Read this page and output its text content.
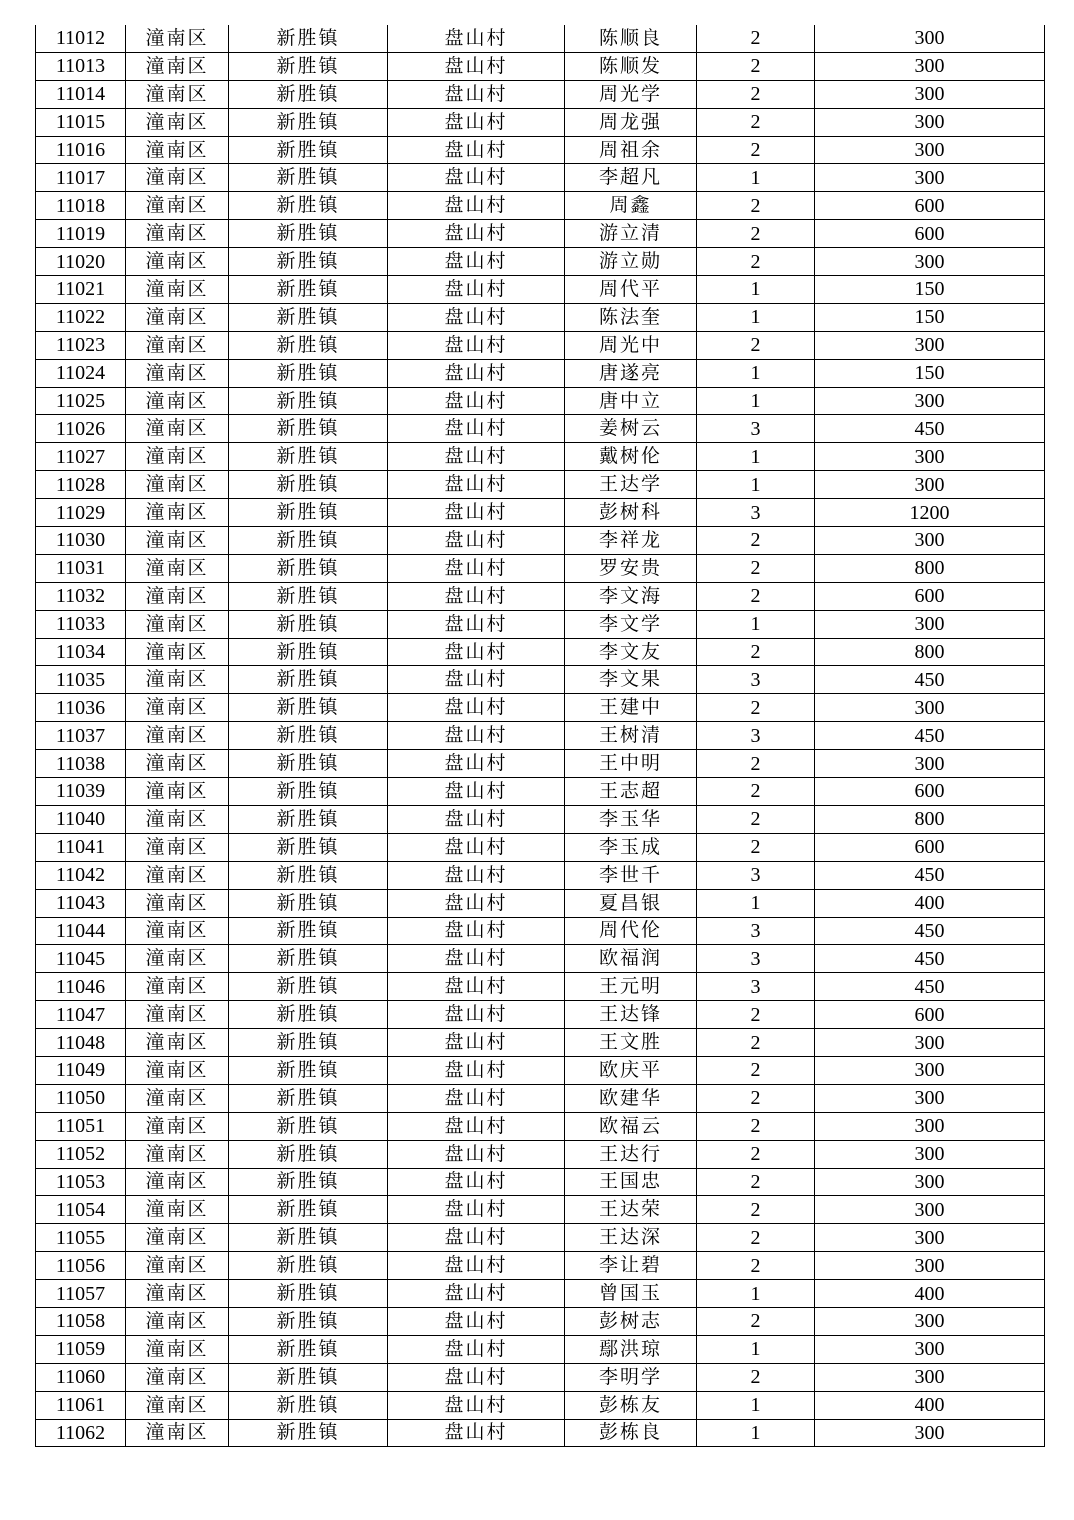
11012	潼南区	新胜镇	盘山村	陈顺良	2	300
11013	潼南区	新胜镇	盘山村	陈顺发	2	300
11014	潼南区	新胜镇	盘山村	周光学	2	300
11015	潼南区	新胜镇	盘山村	周龙强	2	300
11016	潼南区	新胜镇	盘山村	周祖余	2	300
11017	潼南区	新胜镇	盘山村	李超凡	1	300
11018	潼南区	新胜镇	盘山村	周鑫	2	600
11019	潼南区	新胜镇	盘山村	游立清	2	600
11020	潼南区	新胜镇	盘山村	游立勋	2	300
11021	潼南区	新胜镇	盘山村	周代平	1	150
11022	潼南区	新胜镇	盘山村	陈法奎	1	150
11023	潼南区	新胜镇	盘山村	周光中	2	300
11024	潼南区	新胜镇	盘山村	唐遂亮	1	150
11025	潼南区	新胜镇	盘山村	唐中立	1	300
11026	潼南区	新胜镇	盘山村	姜树云	3	450
11027	潼南区	新胜镇	盘山村	戴树伦	1	300
11028	潼南区	新胜镇	盘山村	王达学	1	300
11029	潼南区	新胜镇	盘山村	彭树科	3	1200
11030	潼南区	新胜镇	盘山村	李祥龙	2	300
11031	潼南区	新胜镇	盘山村	罗安贵	2	800
11032	潼南区	新胜镇	盘山村	李文海	2	600
11033	潼南区	新胜镇	盘山村	李文学	1	300
11034	潼南区	新胜镇	盘山村	李文友	2	800
11035	潼南区	新胜镇	盘山村	李文果	3	450
11036	潼南区	新胜镇	盘山村	王建中	2	300
11037	潼南区	新胜镇	盘山村	王树清	3	450
11038	潼南区	新胜镇	盘山村	王中明	2	300
11039	潼南区	新胜镇	盘山村	王志超	2	600
11040	潼南区	新胜镇	盘山村	李玉华	2	800
11041	潼南区	新胜镇	盘山村	李玉成	2	600
11042	潼南区	新胜镇	盘山村	李世千	3	450
11043	潼南区	新胜镇	盘山村	夏昌银	1	400
11044	潼南区	新胜镇	盘山村	周代伦	3	450
11045	潼南区	新胜镇	盘山村	欧福润	3	450
11046	潼南区	新胜镇	盘山村	王元明	3	450
11047	潼南区	新胜镇	盘山村	王达锋	2	600
11048	潼南区	新胜镇	盘山村	王文胜	2	300
11049	潼南区	新胜镇	盘山村	欧庆平	2	300
11050	潼南区	新胜镇	盘山村	欧建华	2	300
11051	潼南区	新胜镇	盘山村	欧福云	2	300
11052	潼南区	新胜镇	盘山村	王达行	2	300
11053	潼南区	新胜镇	盘山村	王国忠	2	300
11054	潼南区	新胜镇	盘山村	王达荣	2	300
11055	潼南区	新胜镇	盘山村	王达深	2	300
11056	潼南区	新胜镇	盘山村	李让碧	2	300
11057	潼南区	新胜镇	盘山村	曾国玉	1	400
11058	潼南区	新胜镇	盘山村	彭树志	2	300
11059	潼南区	新胜镇	盘山村	鄢洪琼	1	300
11060	潼南区	新胜镇	盘山村	李明学	2	300
11061	潼南区	新胜镇	盘山村	彭栋友	1	400
11062	潼南区	新胜镇	盘山村	彭栋良	1	300
